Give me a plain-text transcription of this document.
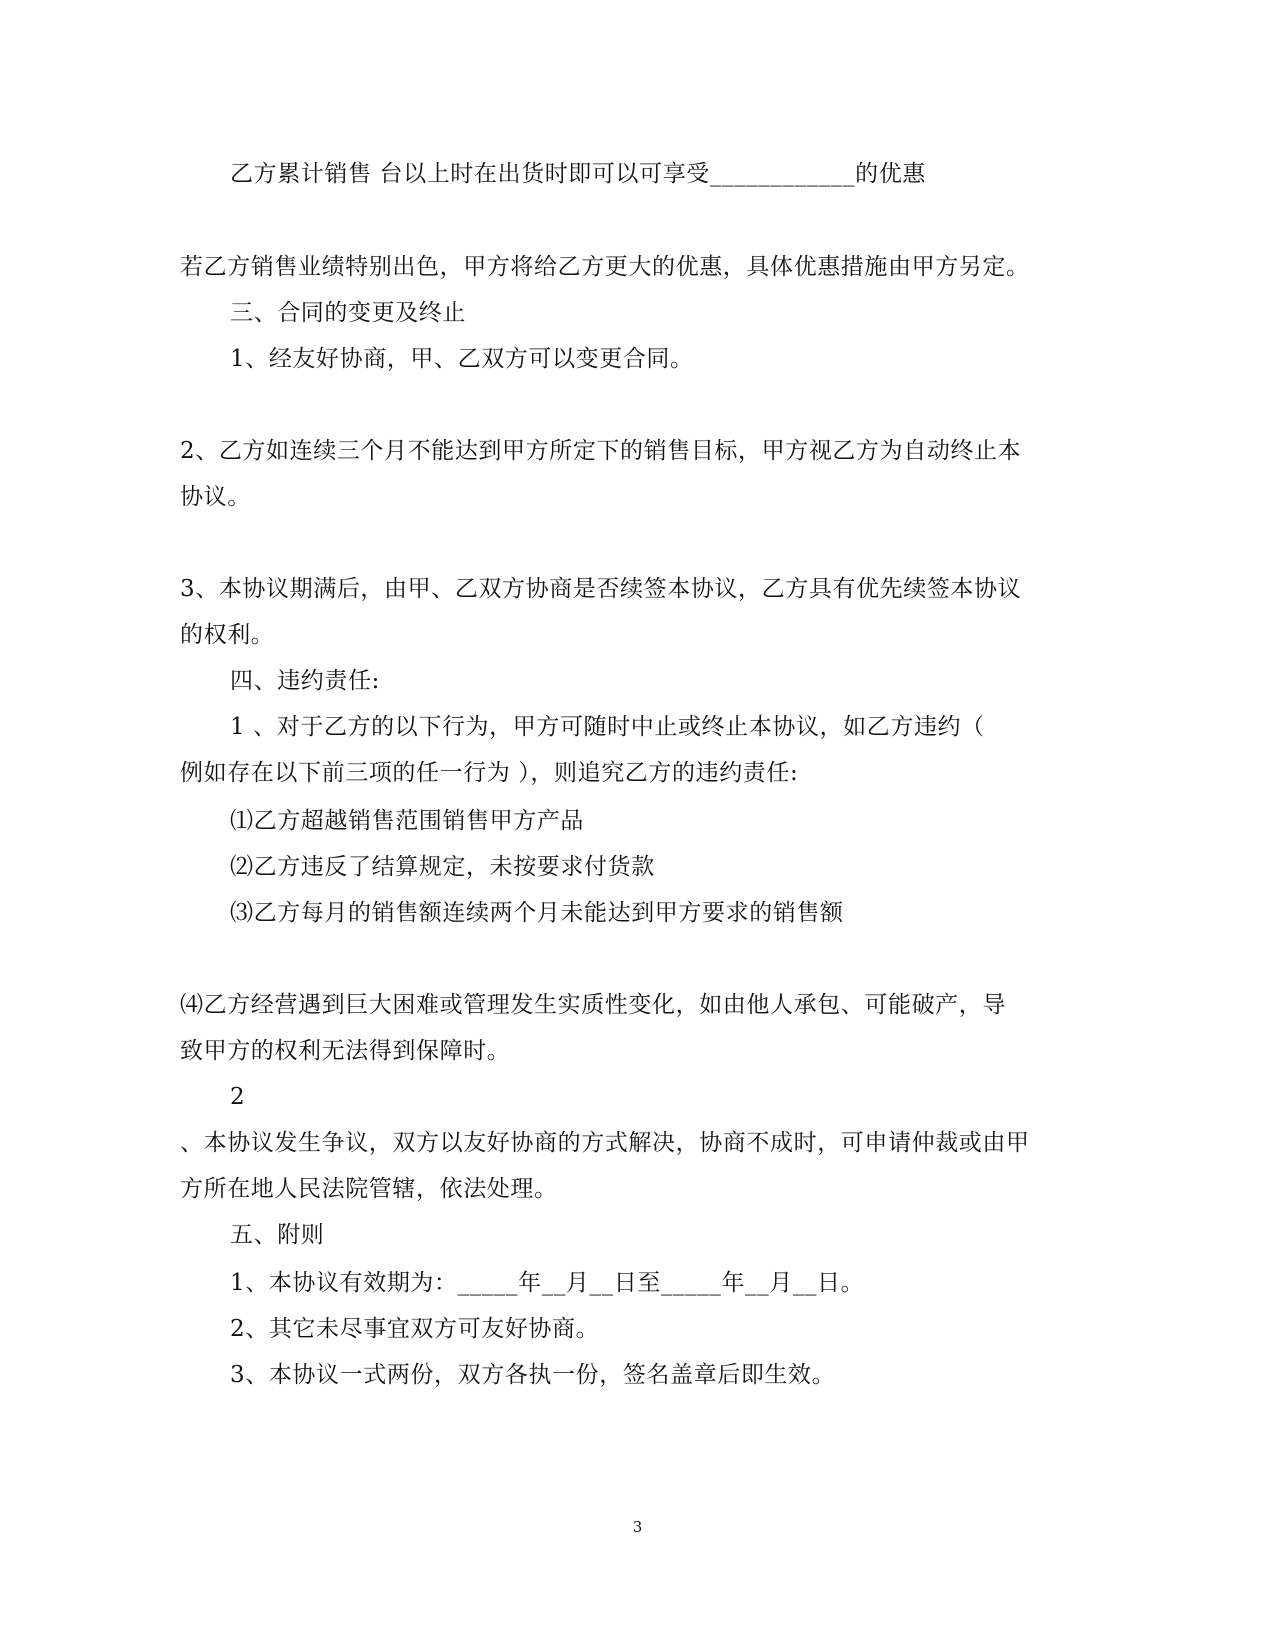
乙方累计销售 台以上时在出货时即可以可享受____________的优惠
若乙方销售业绩特别出色，甲方将给乙方更大的优惠，具体优惠措施由甲方另定。
三、合同的变更及终止
1、经友好协商，甲、乙双方可以变更合同。
2、乙方如连续三个月不能达到甲方所定下的销售目标，甲方视乙方为自动终止本
协议。
3、本协议期满后，由甲、乙双方协商是否续签本协议，乙方具有优先续签本协议
的权利。
四、违约责任:
1 、对于乙方的以下行为，甲方可随时中止或终止本协议，如乙方违约（
例如存在以下前三项的任一行为 ），则追究乙方的违约责任:
⑴乙方超越销售范围销售甲方产品
⑵乙方违反了结算规定，未按要求付货款
⑶乙方每月的销售额连续两个月未能达到甲方要求的销售额
⑷乙方经营遇到巨大困难或管理发生实质性变化，如由他人承包、可能破产，导
致甲方的权利无法得到保障时。
2
、本协议发生争议，双方以友好协商的方式解决，协商不成时，可申请仲裁或由甲
方所在地人民法院管辖，依法处理。
五、附则
1、本协议有效期为：_____年__月__日至_____年__月__日。
2、其它未尽事宜双方可友好协商。
3、本协议一式两份，双方各执一份，签名盖章后即生效。
3
